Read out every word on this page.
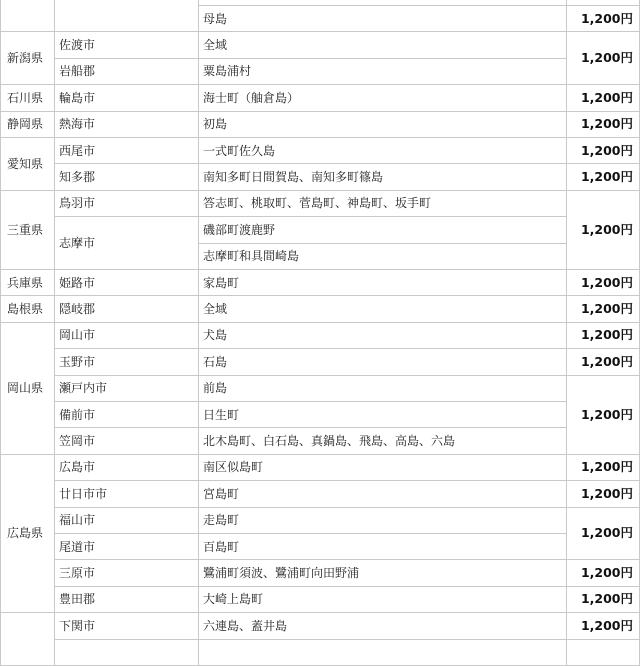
新潟県
石川県
静岡県
愛知県
三重県
兵庫県
島根県
岡山県
広島県
佐渡市
岩船郡
輪島市
熱海市
西尾市
知多郡
鳥羽市
志摩市
姫路市
隠岐郡
岡山市
玉野市
瀬戸内市
備前市
笠岡市
広島市
廿日市市
福山市
尾道市
三原市
豊田郡
下関市
母島
全域
粟島浦村
海士町（舳倉島）
初島
一式町佐久島
南知多町日間賀島、南知多町篠島
答志町、桃取町、菅島町、神島町、坂手町
磯部町渡鹿野
志摩町和具間崎島
家島町
全域
犬島
石島
前島
日生町
北木島町、白石島、真鍋島、飛島、高島、六島
南区似島町
宮島町
走島町
百島町
鷺浦町須波、鷺浦町向田野浦
大崎上島町
六連島、蓋井島
1,200円
1,200円
1,200円
1,200円
1,200円
1,200円
1,200円
1,200円
1,200円
1,200円
1,200円
1,200円
1,200円
1,200円
1,200円
1,200円
1,200円
1,200円
